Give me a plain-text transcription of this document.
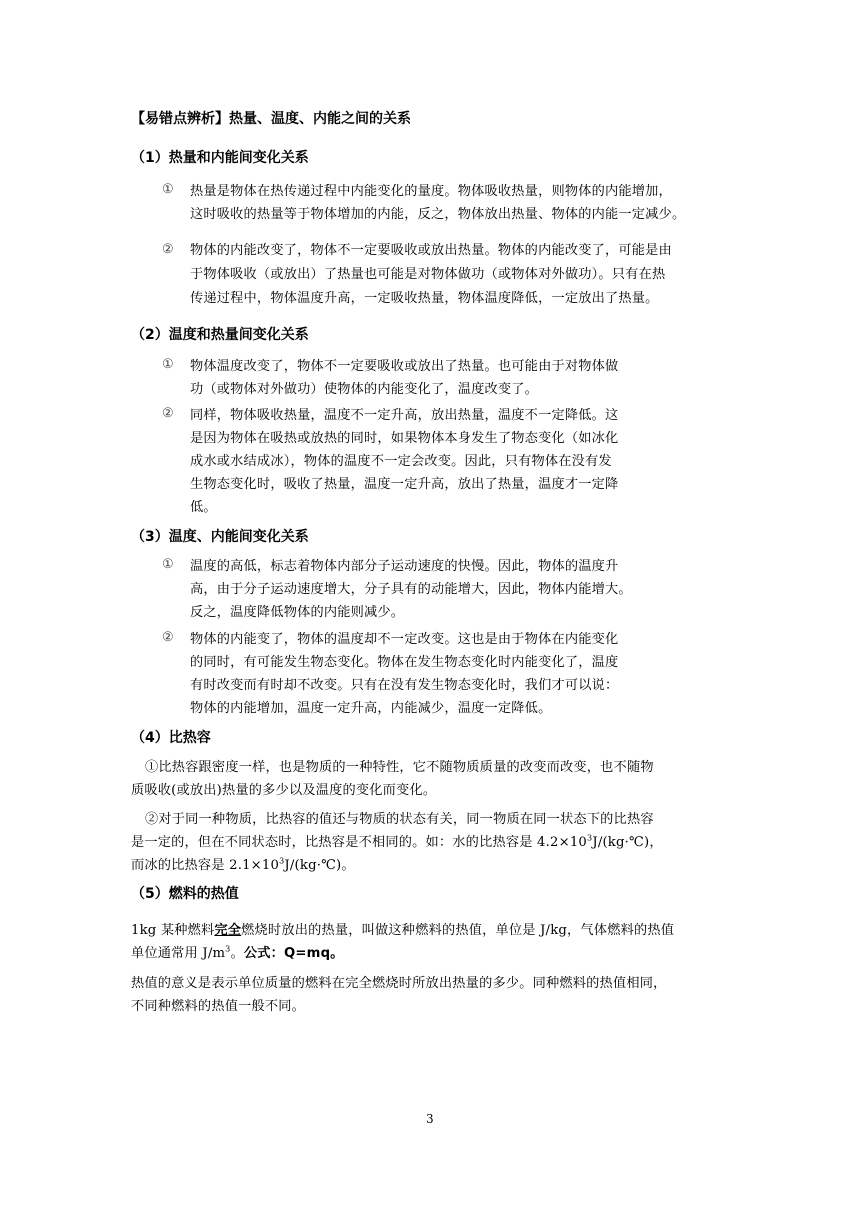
【易错点辨析】热量、温度、内能之间的关系
（1）热量和内能间变化关系
① 热量是物体在热传递过程中内能变化的量度。物体吸收热量，则物体的内能增加，
这时吸收的热量等于物体增加的内能，反之，物体放出热量、物体的内能一定减少。
② 物体的内能改变了，物体不一定要吸收或放出热量。物体的内能改变了，可能是由
于物体吸收（或放出）了热量也可能是对物体做功（或物体对外做功）。只有在热
传递过程中，物体温度升高，一定吸收热量，物体温度降低，一定放出了热量。
（2）温度和热量间变化关系
① 物体温度改变了，物体不一定要吸收或放出了热量。也可能由于对物体做
功（或物体对外做功）使物体的内能变化了，温度改变了。
② 同样，物体吸收热量，温度不一定升高，放出热量，温度不一定降低。这
是因为物体在吸热或放热的同时，如果物体本身发生了物态变化（如冰化
成水或水结成冰），物体的温度不一定会改变。因此，只有物体在没有发
生物态变化时，吸收了热量，温度一定升高，放出了热量，温度才一定降
低。
（3）温度、内能间变化关系
① 温度的高低，标志着物体内部分子运动速度的快慢。因此，物体的温度升
高，由于分子运动速度增大，分子具有的动能增大，因此，物体内能增大。
反之，温度降低物体的内能则减少。
② 物体的内能变了，物体的温度却不一定改变。这也是由于物体在内能变化
的同时，有可能发生物态变化。物体在发生物态变化时内能变化了，温度
有时改变而有时却不改变。只有在没有发生物态变化时，我们才可以说：
物体的内能增加，温度一定升高，内能减少，温度一定降低。
（4）比热容
①比热容跟密度一样，也是物质的一种特性，它不随物质质量的改变而改变，也不随物
质吸收(或放出)热量的多少以及温度的变化而变化。
②对于同一种物质，比热容的值还与物质的状态有关，同一物质在同一状态下的比热容
是一定的，但在不同状态时，比热容是不相同的。如：水的比热容是 $4.2\times 10^3J/(kg\cdot℃)$，
而冰的比热容是 $2.1\times 10^3J/(kg\cdot℃)$。
（5）燃料的热值
1kg 某种燃料完全燃烧时放出的热量，叫做这种燃料的热值，单位是 J/kg，气体燃料的热值
单位通常用 $J/m^3$。公式：Q=mq。
热值的意义是表示单位质量的燃料在完全燃烧时所放出热量的多少。同种燃料的热值相同，
不同种燃料的热值一般不同。
3
